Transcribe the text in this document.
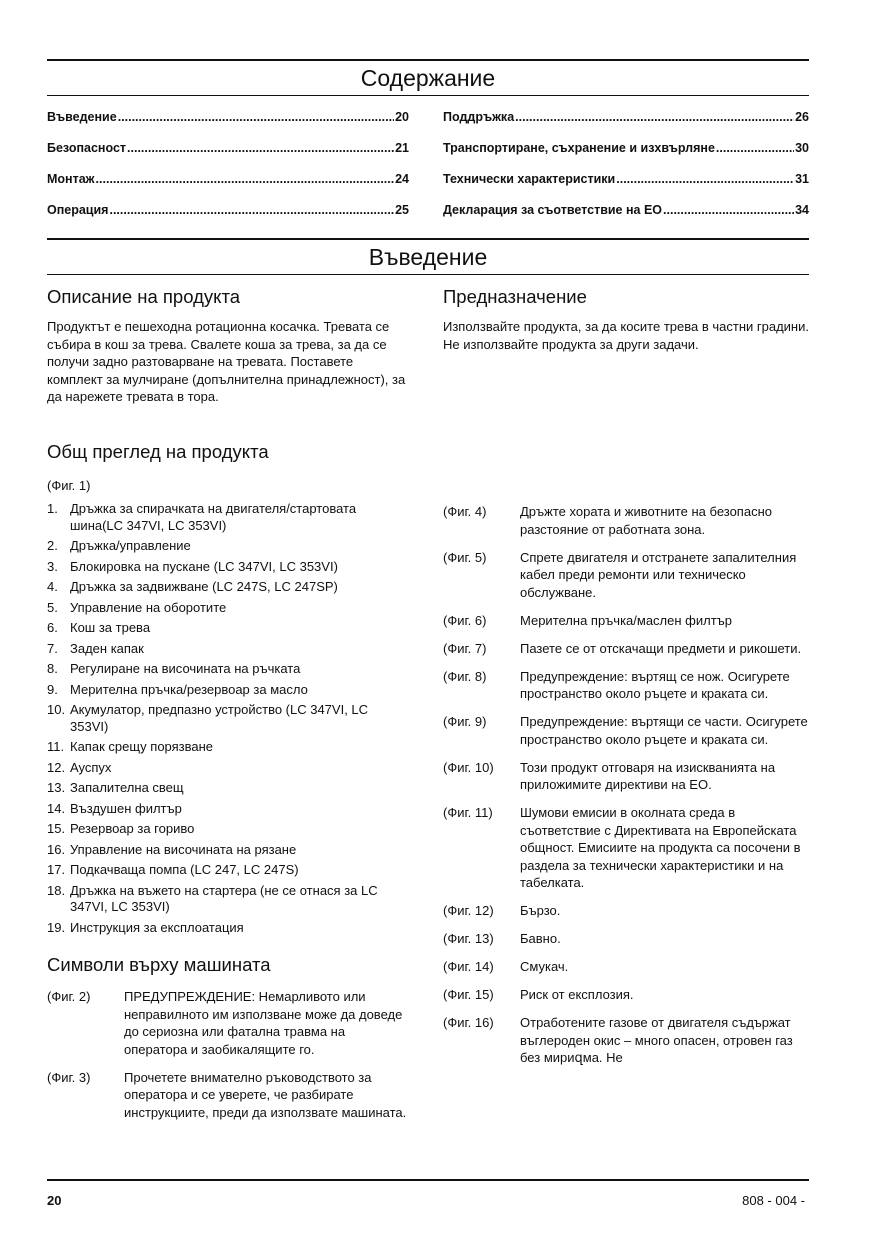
Содержание
Въведение .....	20
Безопасност .....	21
Монтаж .....	24
Операция .....	25
Поддръжка .....	26
Транспортиране, съхранение и изхвърляне .....	30
Технически характеристики .....	31
Декларация за съответствие на ЕО .....	34
Въведение
Описание на продукта

Продуктът е пешеходна ротационна косачка. Тревата се събира в кош за трева. Свалете коша за трева, за да се получи задно разтоварване на тревата. Поставете комплект за мулчиране (допълнителна принадлежност), за да нарежете тревата в тора.

Предназначение

Използвайте продукта, за да косите трева в частни градини. Не използвайте продукта за други задачи.

Общ преглед на продукта

(Фиг. 1)

1. Дръжка за спирачката на двигателя/стартовата шина(LC 347VI, LC 353VI)
2. Дръжка/управление
3. Блокировка на пускане (LC 347VI, LC 353VI)
4. Дръжка за задвижване (LC 247S, LC 247SP)
5. Управление на оборотите
6. Кош за трева
7. Заден капак
8. Регулиране на височината на ръчката
9. Мерителна пръчка/резервоар за масло
10. Акумулатор, предпазно устройство (LC 347VI, LC 353VI)
11. Капак срещу порязване
12. Ауспух
13. Запалителна свещ
14. Въздушен филтър
15. Резервоар за гориво
16. Управление на височината на рязане
17. Подкачваща помпа (LC 247, LC 247S)
18. Дръжка на въжето на стартера (не се отнася за LC 347VI, LC 353VI)
19. Инструкция за експлоатация
Символи върху машината
(Фиг. 2)	ПРЕДУПРЕЖДЕНИЕ: Немарливото или неправилното им използване може да доведе до сериозна или фатална травма на оператора и заобикалящите го.
(Фиг. 3)	Прочетете внимателно ръководството за оператора и се уверете, че разбирате инструкциите, преди да използвате машината.
(Фиг. 4)	Дръжте хората и животните на безопасно разстояние от работната зона.
(Фиг. 5)	Спрете двигателя и отстранете запалителния кабел преди ремонти или техническо обслужване.
(Фиг. 6)	Мерителна пръчка/маслен филтър
(Фиг. 7)	Пазете се от отскачащи предмети и рикошети.
(Фиг. 8)	Предупреждение: въртящ се нож. Осигурете пространство около ръцете и краката си.
(Фиг. 9)	Предупреждение: въртящи се части. Осигурете пространство около ръцете и краката си.
(Фиг. 10)	Този продукт отговаря на изискванията на приложимите директиви на ЕО.
(Фиг. 11)	Шумови емисии в околната среда в съответствие с Директивата на Европейската общност. Емисиите на продукта са посочени в раздела за технически характеристики и на табелката.
(Фиг. 12)	Бързо.
(Фиг. 13)	Бавно.
(Фиг. 14)	Смукач.
(Фиг. 15)	Риск от експлозия.
(Фиг. 16)	Отработените газове от двигателя съдържат въглероден окис – много опасен, отровен газ без мириզма. Не
20	808 - 004 -
